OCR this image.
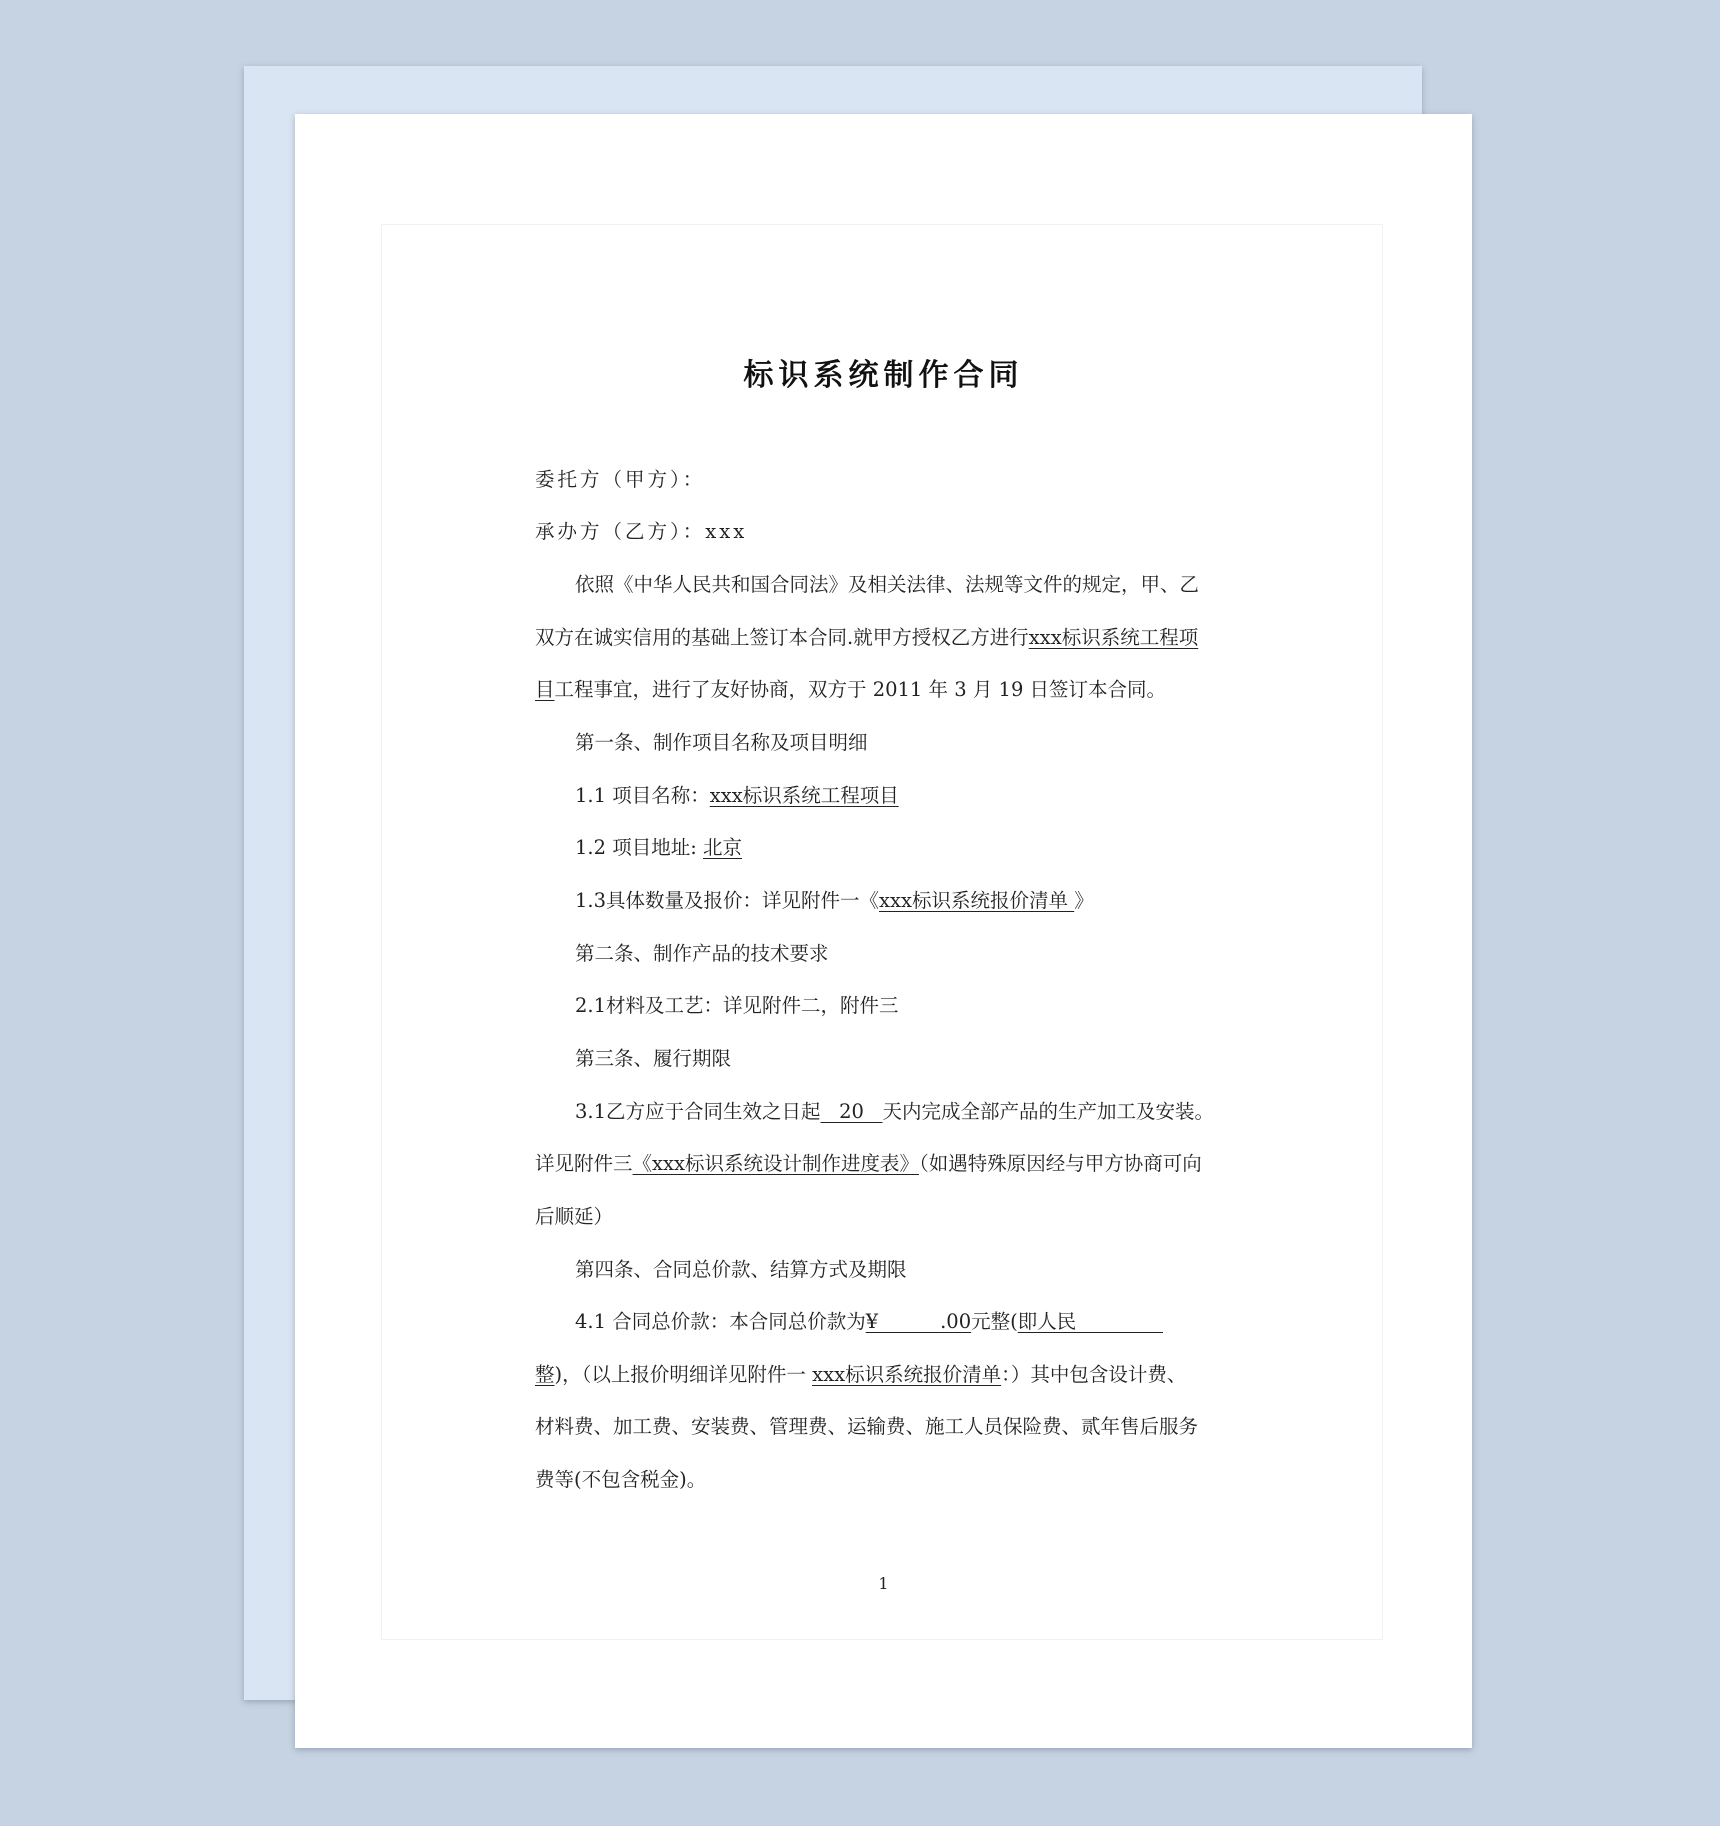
标识系统制作合同

委托方（甲方）：

承办方（乙方）：xxx

依照《中华人民共和国合同法》及相关法律、法规等文件的规定，甲、乙

双方在诚实信用的基础上签订本合同.就甲方授权乙方进行xxx标识系统工程项

目工程事宜，进行了友好协商，双方于 2011 年 3 月 19 日签订本合同。

第一条、制作项目名称及项目明细

1.1 项目名称：xxx标识系统工程项目

1.2 项目地址: 北京

1.3具体数量及报价：详见附件一《xxx标识系统报价清单 》

第二条、制作产品的技术要求

2.1材料及工艺：详见附件二，附件三

第三条、履行期限

3.1乙方应于合同生效之日起   20   天内完成全部产品的生产加工及安装。

详见附件三《xxx标识系统设计制作进度表》（如遇特殊原因经与甲方协商可向

后顺延）

第四条、合同总价款、结算方式及期限

4.1 合同总价款：本合同总价款为¥          .00元整(即人民

整)，（以上报价明细详见附件一 xxx标识系统报价清单：）其中包含设计费、

材料费、加工费、安装费、管理费、运输费、施工人员保险费、贰年售后服务

费等(不包含税金)。

1
